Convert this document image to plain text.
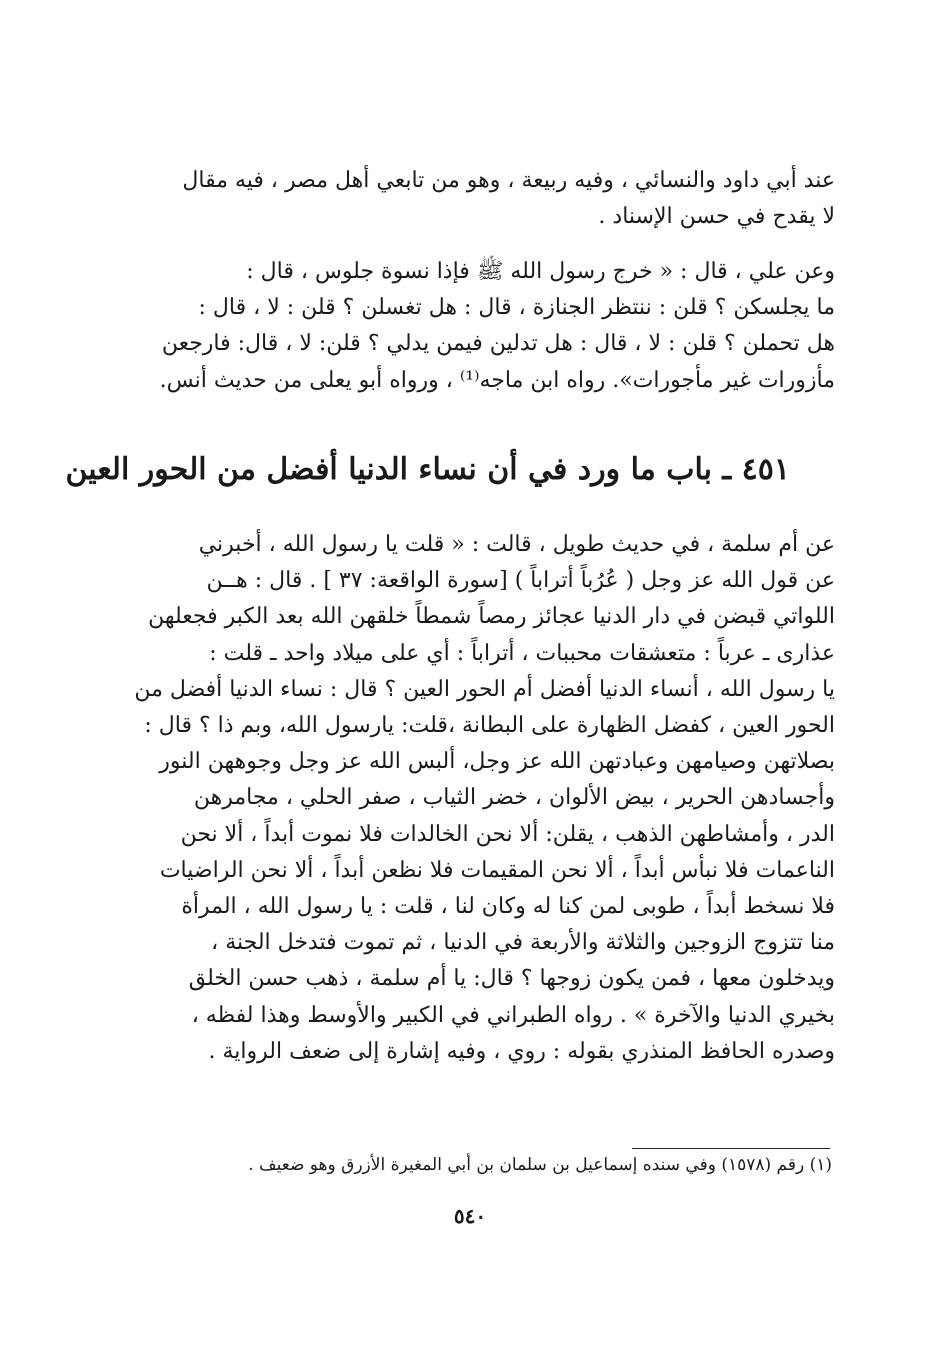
عند أبي داود والنسائي ، وفيه ربيعة ، وهو من تابعي أهل مصر ، فيه مقال
لا يقدح في حسن الإسناد .
وعن علي ، قال : « خرج رسول الله ﷺ فإذا نسوة جلوس ، قال :
ما يجلسكن ؟ قلن : ننتظر الجنازة ، قال : هل تغسلن ؟ قلن : لا ، قال :
هل تحملن ؟ قلن : لا ، قال : هل تدلين فيمن يدلي ؟ قلن: لا ، قال: فارجعن
مأزورات غير مأجورات». رواه ابن ماجه⁽¹⁾ ، ورواه أبو يعلى من حديث أنس.
٤٥١ ـ باب ما ورد في أن نساء الدنيا أفضل من الحور العين
عن أم سلمة ، في حديث طويل ، قالت : « قلت يا رسول الله ، أخبرني
عن قول الله عز وجل ( عُرُباً أتراباً ) [سورة الواقعة: ٣٧ ] . قال : هــن
اللواتي قبضن في دار الدنيا عجائز رمصاً شمطاً خلقهن الله بعد الكبر فجعلهن
عذارى ـ عرباً : متعشقات محببات ، أتراباً : أي على ميلاد واحد ـ قلت :
يا رسول الله ، أنساء الدنيا أفضل أم الحور العين ؟ قال : نساء الدنيا أفضل من
الحور العين ، كفضل الظهارة على البطانة ،قلت: يارسول الله، وبم ذا ؟ قال :
بصلاتهن وصيامهن وعبادتهن الله عز وجل، ألبس الله عز وجل وجوههن النور
وأجسادهن الحرير ، بيض الألوان ، خضر الثياب ، صفر الحلي ، مجامرهن
الدر ، وأمشاطهن الذهب ، يقلن: ألا نحن الخالدات فلا نموت أبداً ، ألا نحن
الناعمات فلا نبأس أبداً ، ألا نحن المقيمات فلا نظعن أبداً ، ألا نحن الراضيات
فلا نسخط أبداً ، طوبى لمن كنا له وكان لنا ، قلت : يا رسول الله ، المرأة
منا تتزوج الزوجين والثلاثة والأربعة في الدنيا ، ثم تموت فتدخل الجنة ،
ويدخلون معها ، فمن يكون زوجها ؟ قال: يا أم سلمة ، ذهب حسن الخلق
بخيري الدنيا والآخرة » . رواه الطبراني في الكبير والأوسط وهذا لفظه ،
وصدره الحافظ المنذري بقوله : روي ، وفيه إشارة إلى ضعف الرواية .
(١) رقم (١٥٧٨) وفي سنده إسماعيل بن سلمان بن أبي المغيرة الأزرق وهو ضعيف .
٥٤٠
